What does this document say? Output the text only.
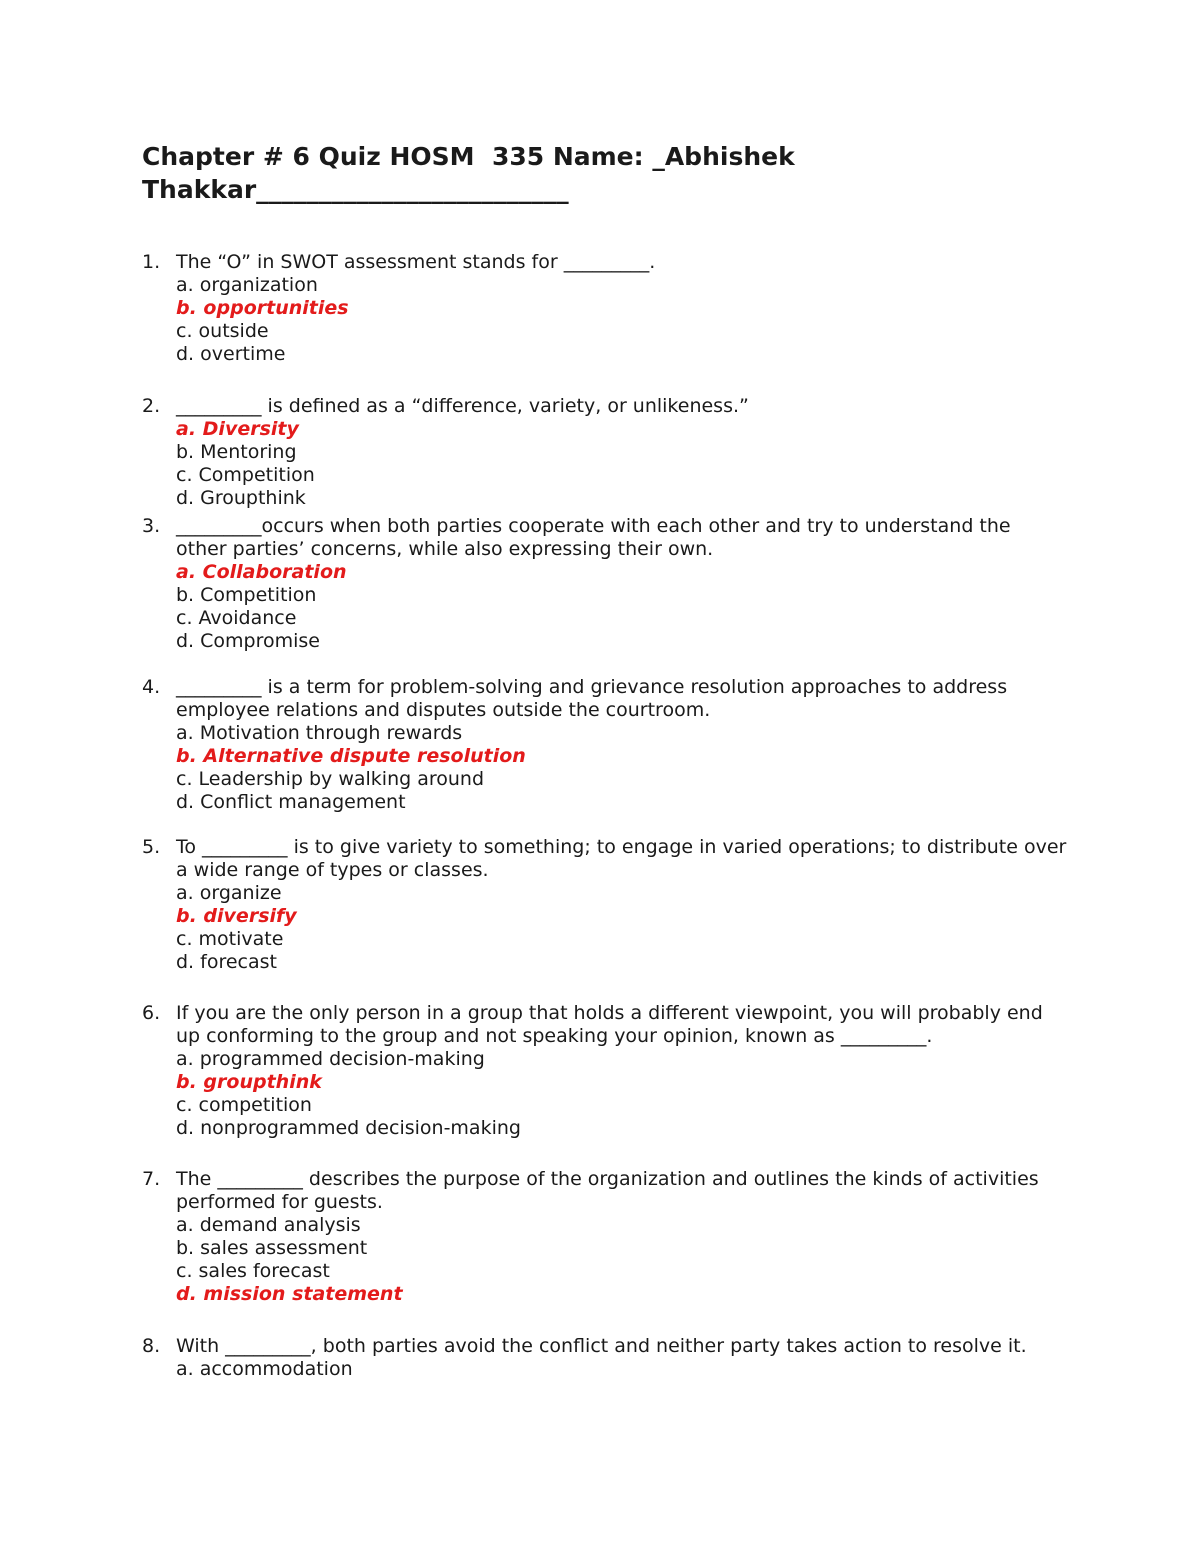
Chapter # 6 Quiz HOSM  335 Name: _Abhishek
Thakkar_________________________
1. The “O” in SWOT assessment stands for _________.
a. organization
b. opportunities
c. outside
d. overtime
2. _________ is defined as a “difference, variety, or unlikeness.”
a. Diversity
b. Mentoring
c. Competition
d. Groupthink
3. _________occurs when both parties cooperate with each other and try to understand the other parties’ concerns, while also expressing their own.
a. Collaboration
b. Competition
c. Avoidance
d. Compromise
4. _________ is a term for problem-solving and grievance resolution approaches to address employee relations and disputes outside the courtroom.
a. Motivation through rewards
b. Alternative dispute resolution
c. Leadership by walking around
d. Conflict management
5. To _________ is to give variety to something; to engage in varied operations; to distribute over a wide range of types or classes.
a. organize
b. diversify
c. motivate
d. forecast
6. If you are the only person in a group that holds a different viewpoint, you will probably end up conforming to the group and not speaking your opinion, known as _________.
a. programmed decision-making
b. groupthink
c. competition
d. nonprogrammed decision-making
7. The _________ describes the purpose of the organization and outlines the kinds of activities performed for guests.
a. demand analysis
b. sales assessment
c. sales forecast
d. mission statement
8. With _________, both parties avoid the conflict and neither party takes action to resolve it.
a. accommodation
